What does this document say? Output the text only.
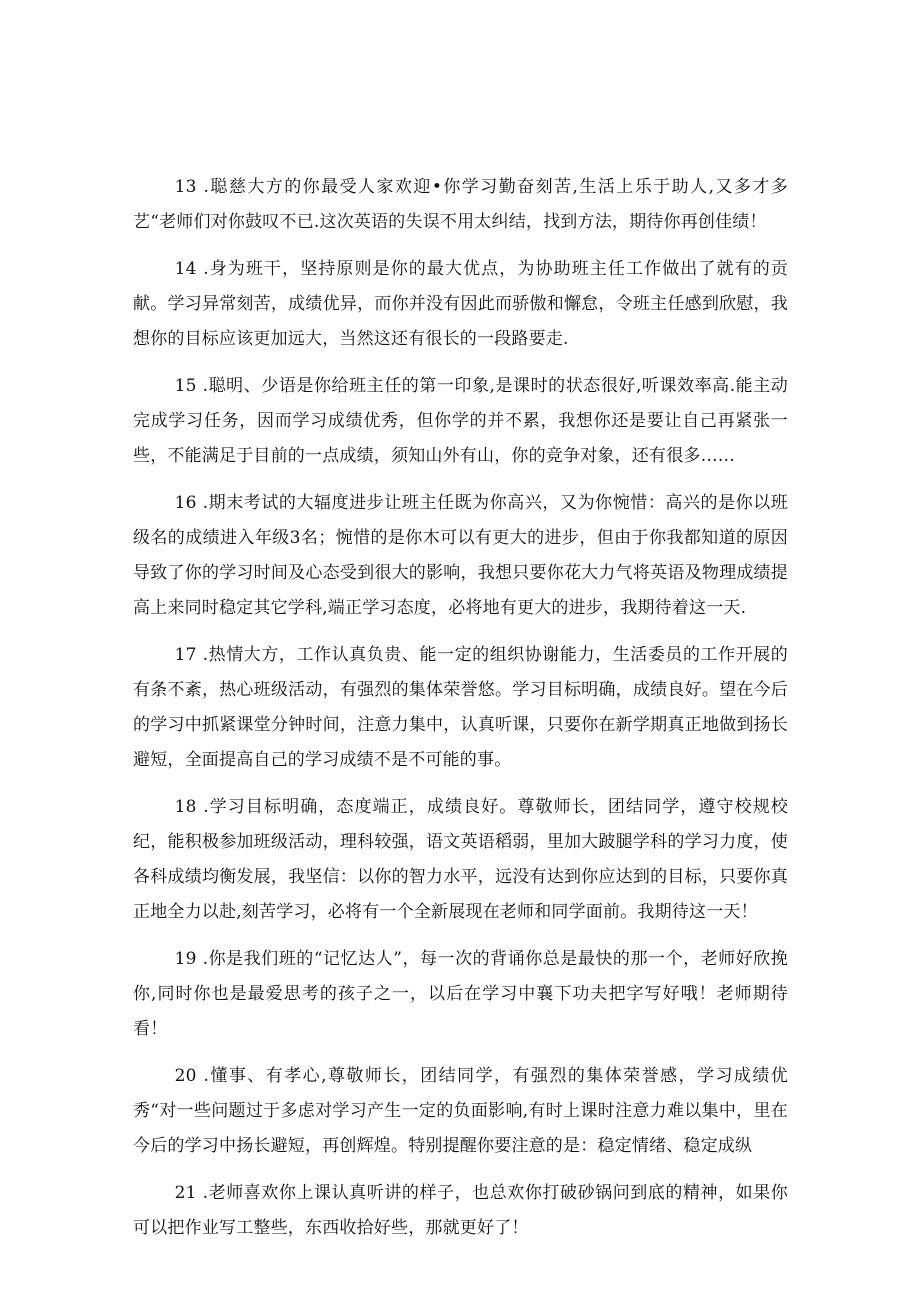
13 .聪慈大方的你最受人家欢迎•你学习勤奋刻苦,生活上乐于助人,又多才多艺“老师们对你鼓叹不已.这次英语的失误不用太纠结，找到方法，期待你再创佳绩！

14 .身为班干，坚持原则是你的最大优点，为协助班主任工作做出了就有的贡献。学习异常刻苦，成绩优异，而你并没有因此而骄傲和懈怠，令班主任感到欣慰，我想你的目标应该更加远大，当然这还有很长的一段路要走.

15 .聪明、少语是你给班主任的第一印象,是课时的状态很好,听课效率高.能主动完成学习任务，因而学习成绩优秀，但你学的并不累，我想你还是要让自己再紧张一些，不能满足于目前的一点成绩，须知山外有山，你的竞争对象，还有很多……

16 .期末考试的大辐度进步让班主任既为你高兴，又为你惋惜：高兴的是你以班级名的成绩进入年级3名；惋惜的是你木可以有更大的进步，但由于你我都知道的原因导致了你的学习时间及心态受到很大的影响，我想只要你花大力气将英语及物理成绩提高上来同时稳定其它学科,端正学习态度，必将地有更大的进步，我期待着这一天.

17 .热情大方，工作认真负贵、能一定的组织协谢能力，生活委员的工作开展的有条不紊，热心班级活动，有强烈的集体荣誉悠。学习目标明确，成绩良好。望在今后的学习中抓紧课堂分钟时间，注意力集中，认真听课，只要你在新学期真正地做到扬长避短，全面提高自己的学习成绩不是不可能的事。

18 .学习目标明确，态度端正，成绩良好。尊敬师长，团结同学，遵守校规校纪，能积极参加班级活动，理科较强，语文英语稻弱，里加大跛腿学科的学习力度，使各科成绩均衡发展，我坚信：以你的智力水平，远没有达到你应达到的目标，只要你真正地全力以赴,刻苦学习，必将有一个全新展现在老师和同学面前。我期待这一天！

19 .你是我们班的“记忆达人”，每一次的背诵你总是最快的那一个，老师好欣挽你,同时你也是最爱思考的孩子之一，以后在学习中襄下功夫把字写好哦！老师期待看！

20 .懂事、有孝心,尊敬师长，团结同学，有强烈的集体荣誉感，学习成绩优秀“对一些问题过于多虑对学习产生一定的负面影响,有时上课时注意力难以集中，里在今后的学习中扬长避短，再创辉煌。特别提醒你要注意的是：稳定情绪、稳定成纵

21 .老师喜欢你上课认真听讲的样子，也总欢你打破砂锅问到底的精神，如果你可以把作业写工整些，东西收拾好些，那就更好了！
